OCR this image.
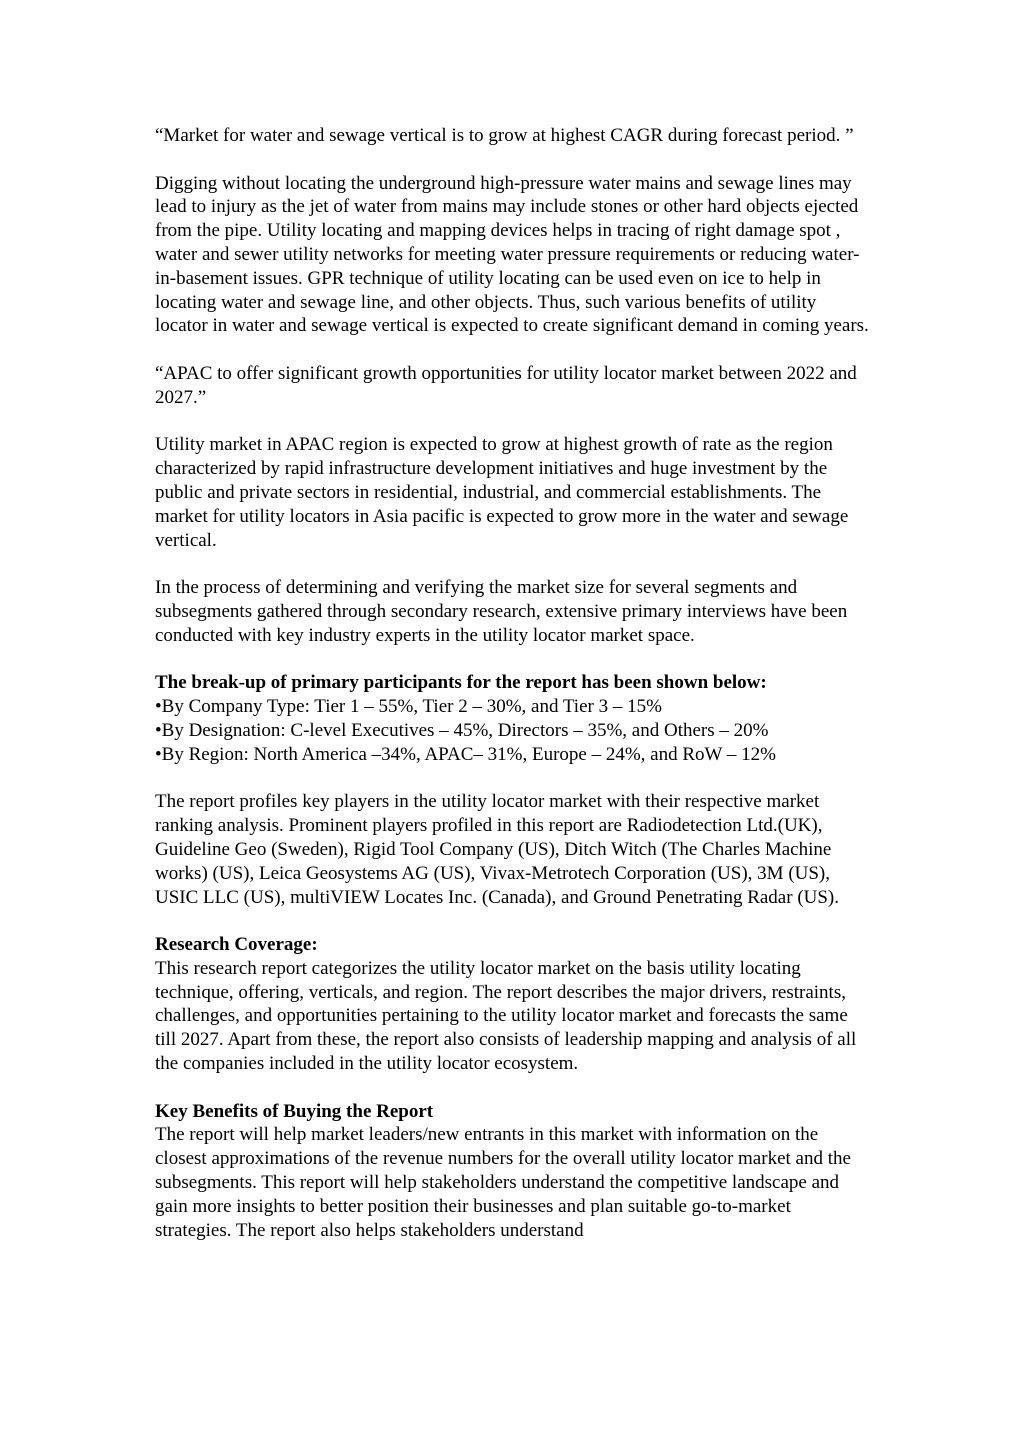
“Market for water and sewage vertical is to grow at highest CAGR during forecast period. ”

Digging without locating the underground high-pressure water mains and sewage lines may lead to injury as the jet of water from mains may include stones or other hard objects ejected from the pipe. Utility locating and mapping devices helps in tracing of right damage spot , water and sewer utility networks for meeting water pressure requirements or reducing water-in-basement issues. GPR technique of utility locating can be used even on ice to help in locating water and sewage line, and other objects. Thus, such various benefits of utility locator in water and sewage vertical is expected to create significant demand in coming years.

“APAC to offer significant growth opportunities for utility locator market between 2022 and 2027.”

Utility market in APAC region is expected to grow at highest growth of rate as the region characterized by rapid infrastructure development initiatives and huge investment by the public and private sectors in residential, industrial, and commercial establishments. The market for utility locators in Asia pacific is expected to grow more in the water and sewage vertical.

In the process of determining and verifying the market size for several segments and subsegments gathered through secondary research, extensive primary interviews have been conducted with key industry experts in the utility locator market space.

The break-up of primary participants for the report has been shown below:
•By Company Type: Tier 1 – 55%, Tier 2 – 30%, and Tier 3 – 15%
•By Designation: C-level Executives – 45%, Directors – 35%, and Others – 20%
•By Region: North America –34%, APAC– 31%, Europe – 24%, and RoW – 12%

The report profiles key players in the utility locator market with their respective market ranking analysis. Prominent players profiled in this report are Radiodetection Ltd.(UK), Guideline Geo (Sweden), Rigid Tool Company (US), Ditch Witch (The Charles Machine works) (US), Leica Geosystems AG (US), Vivax-Metrotech Corporation (US), 3M (US), USIC LLC (US), multiVIEW Locates Inc. (Canada), and Ground Penetrating Radar (US).

Research Coverage:
This research report categorizes the utility locator market on the basis utility locating technique, offering, verticals, and region. The report describes the major drivers, restraints, challenges, and opportunities pertaining to the utility locator market and forecasts the same till 2027. Apart from these, the report also consists of leadership mapping and analysis of all the companies included in the utility locator ecosystem.
Key Benefits of Buying the Report
The report will help market leaders/new entrants in this market with information on the closest approximations of the revenue numbers for the overall utility locator market and the subsegments. This report will help stakeholders understand the competitive landscape and gain more insights to better position their businesses and plan suitable go-to-market strategies. The report also helps stakeholders understand
